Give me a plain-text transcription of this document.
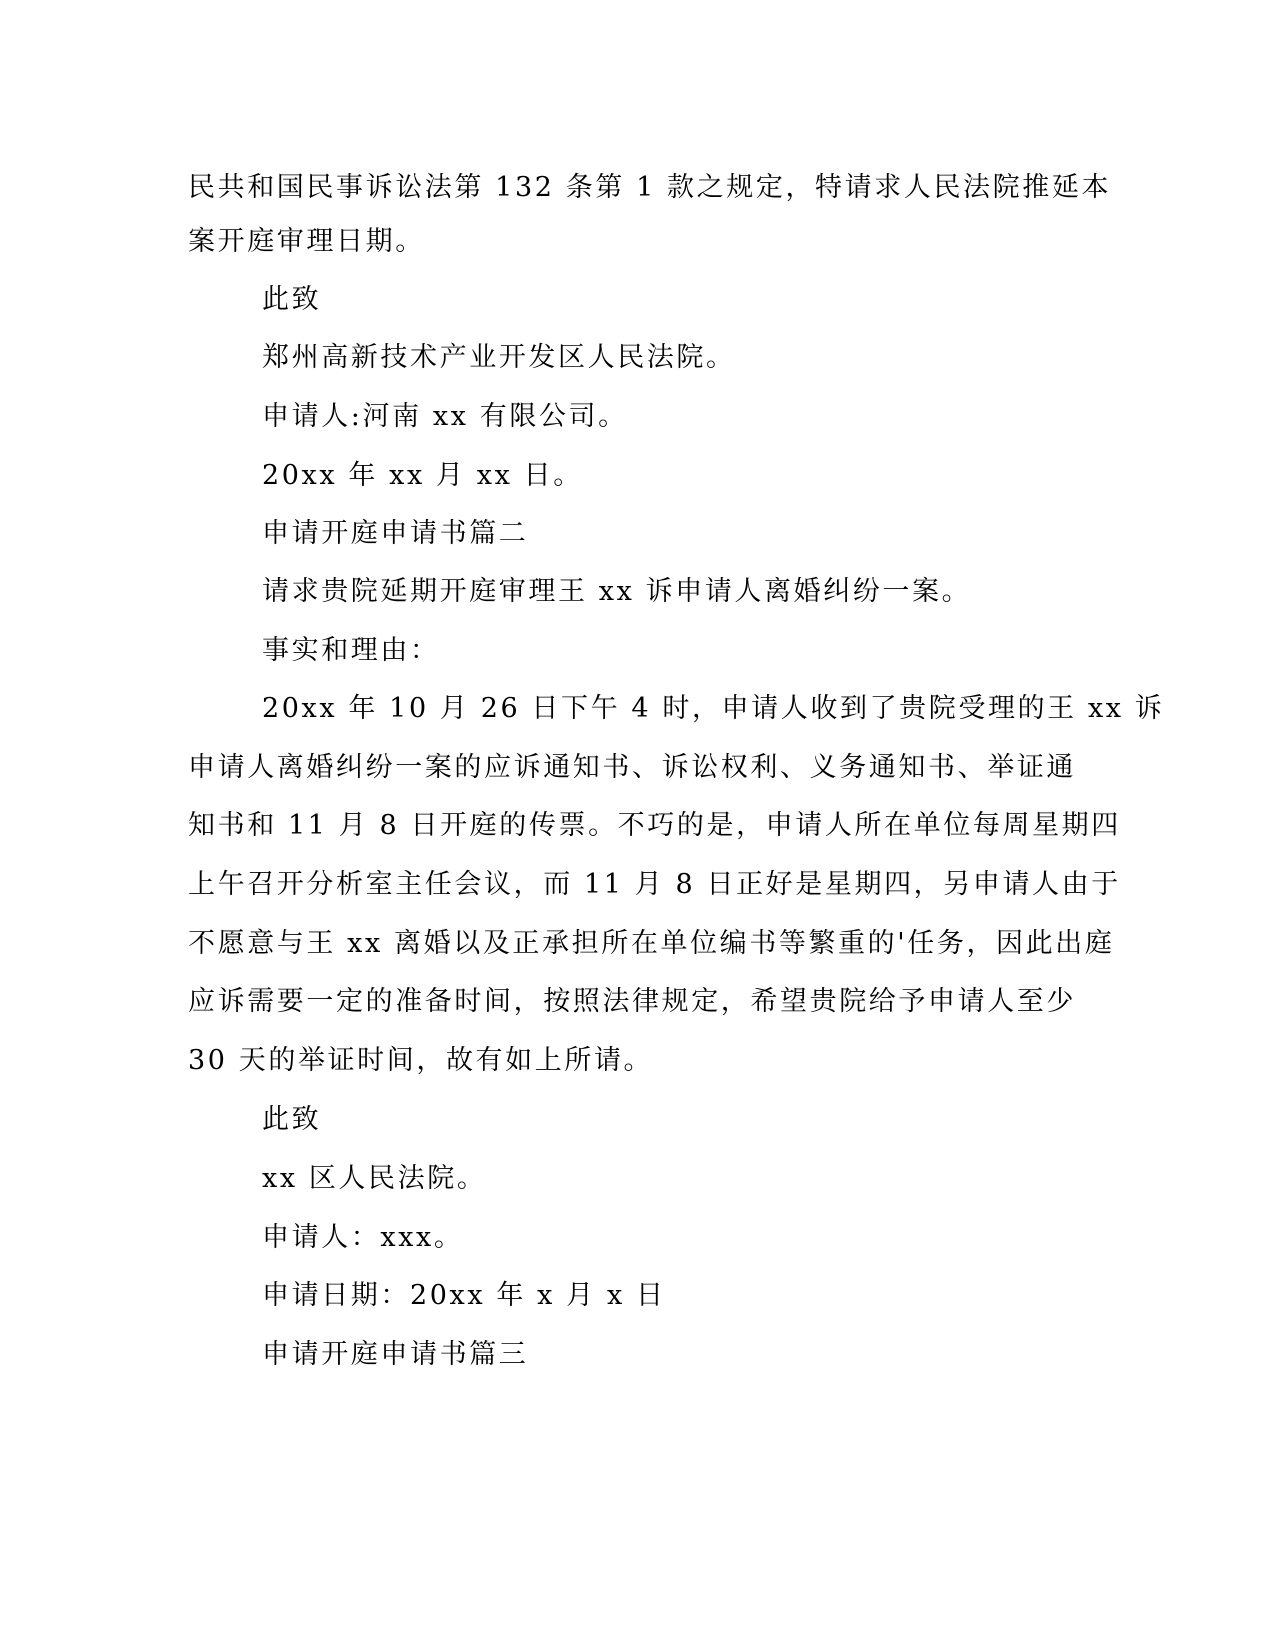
民共和国民事诉讼法第 132 条第 1 款之规定，特请求人民法院推延本
案开庭审理日期。
此致
郑州高新技术产业开发区人民法院。
申请人:河南 xx 有限公司。
20xx 年 xx 月 xx 日。
申请开庭申请书篇二
请求贵院延期开庭审理王 xx 诉申请人离婚纠纷一案。
事实和理由：
20xx 年 10 月 26 日下午 4 时，申请人收到了贵院受理的王 xx 诉
申请人离婚纠纷一案的应诉通知书、诉讼权利、义务通知书、举证通
知书和 11 月 8 日开庭的传票。不巧的是，申请人所在单位每周星期四
上午召开分析室主任会议，而 11 月 8 日正好是星期四，另申请人由于
不愿意与王 xx 离婚以及正承担所在单位编书等繁重的'任务，因此出庭
应诉需要一定的准备时间，按照法律规定，希望贵院给予申请人至少
30 天的举证时间，故有如上所请。
此致
xx 区人民法院。
申请人：xxx。
申请日期：20xx 年 x 月 x 日
申请开庭申请书篇三
